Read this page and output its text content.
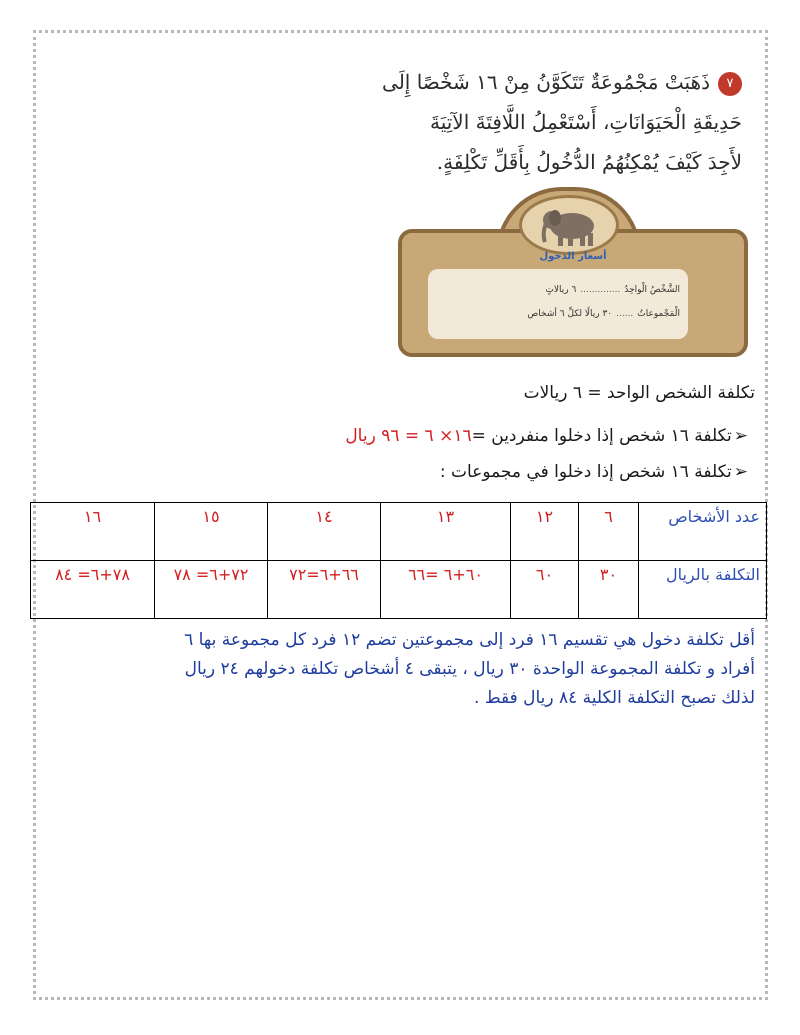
٧ذَهَبَتْ مَجْمُوعَةٌ تَتَكَوَّنُ مِنْ ١٦ شَخْصًا إِلَى
حَدِيقَةِ الْحَيَوَانَاتِ، أَسْتَعْمِلُ اللَّافِتَةَ الآتِيَةَ
لأَجِدَ كَيْفَ يُمْكِنُهُمُ الدُّخُولُ بِأَقَلِّ تَكْلِفَةٍ.
أسعار الدخول
الشَّخْصُ الْواحِدُ..............٦ ريالاتٍ
الْمَجْموعاتُ......٣٠ ريالًا لكلِّ ٦ أشخاص
تكلفة الشخص الواحد = ٦ ريالات
➢تكلفة ١٦ شخص إذا دخلوا منفردين =١٦× ٦ = ٩٦ ريال
➢تكلفة ١٦ شخص إذا دخلوا في مجموعات :
عدد الأشخاص	٦	١٢	١٣	١٤	١٥	١٦
التكلفة بالريال	٣٠	٦٠	٦٠+٦ =٦٦	٦٦+٦=٧٢	٧٢+٦= ٧٨	٧٨+٦= ٨٤
أقل تكلفة دخول هي تقسيم ١٦ فرد إلى مجموعتين تضم ١٢ فرد كل مجموعة بها ٦
أفراد و تكلفة المجموعة الواحدة ٣٠ ريال ، يتبقى ٤ أشخاص تكلفة دخولهم ٢٤ ريال
لذلك تصبح التكلفة الكلية ٨٤ ريال فقط .
